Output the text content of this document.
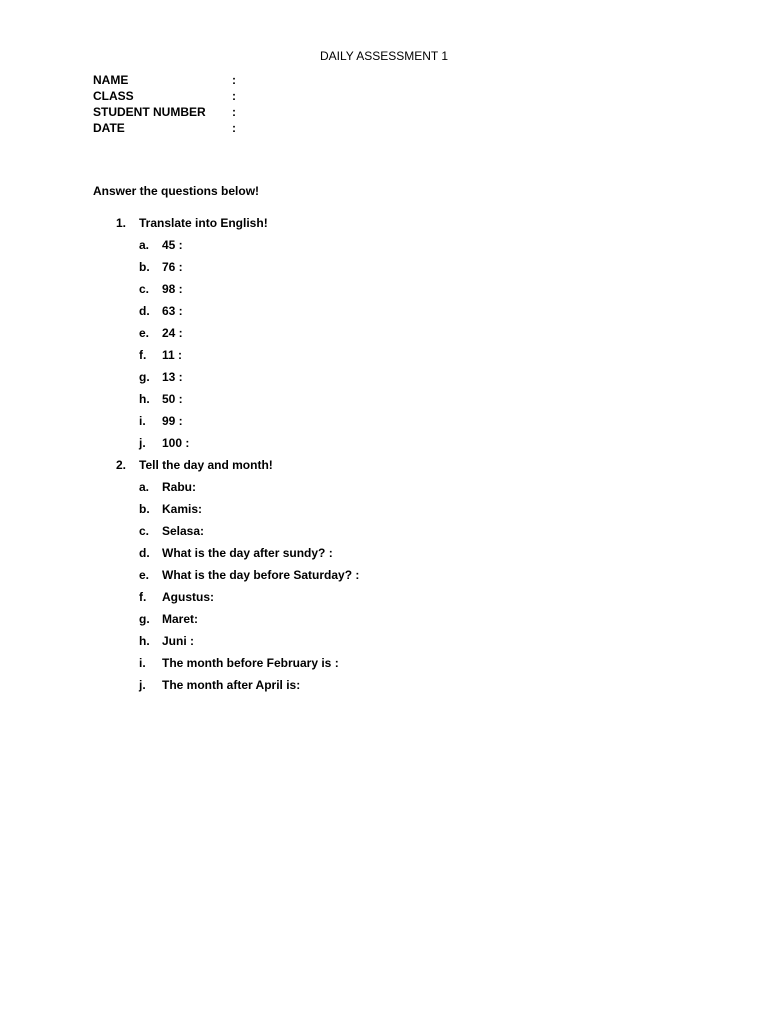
DAILY ASSESSMENT 1
NAME	:
CLASS	:
STUDENT NUMBER :
DATE	:
Answer the questions below!
1. Translate into English!
a. 45 :
b. 76 :
c. 98 :
d. 63 :
e. 24 :
f. 11 :
g. 13 :
h. 50 :
i. 99 :
j. 100 :
2. Tell the day and month!
a. Rabu:
b. Kamis:
c. Selasa:
d. What is the day after sundy? :
e. What is the day before Saturday? :
f. Agustus:
g. Maret:
h. Juni :
i. The month before February is :
j. The month after April is:
